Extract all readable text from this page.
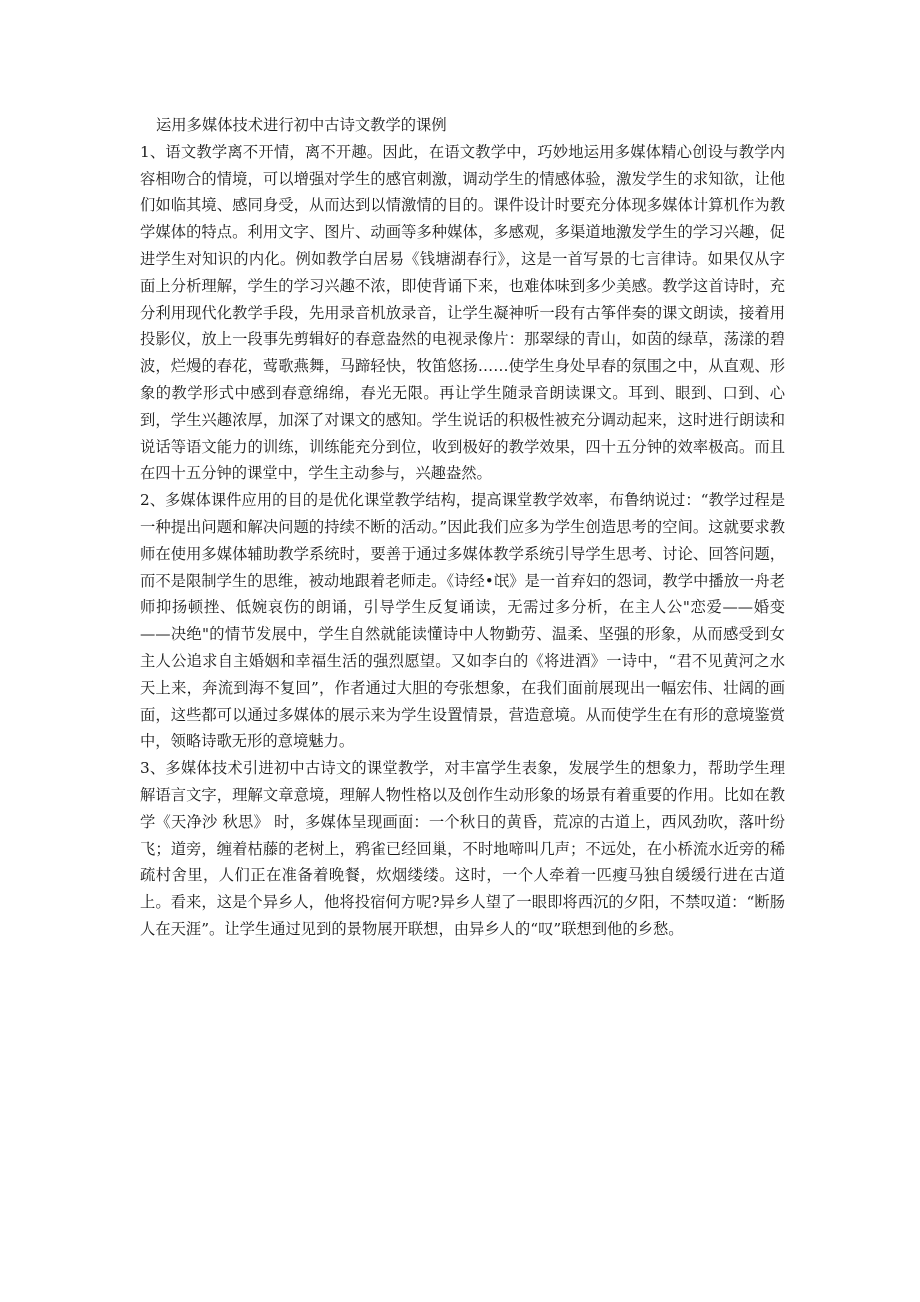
运用多媒体技术进行初中古诗文教学的课例

1、语文教学离不开情，离不开趣。因此，在语文教学中，巧妙地运用多媒体精心创设与教学内容相吻合的情境，可以增强对学生的感官刺激，调动学生的情感体验，激发学生的求知欲，让他们如临其境、感同身受，从而达到以情激情的目的。课件设计时要充分体现多媒体计算机作为教学媒体的特点。利用文字、图片、动画等多种媒体，多感观，多渠道地激发学生的学习兴趣，促进学生对知识的内化。例如教学白居易《钱塘湖春行》，这是一首写景的七言律诗。如果仅从字面上分析理解，学生的学习兴趣不浓，即使背诵下来，也难体味到多少美感。教学这首诗时，充分利用现代化教学手段，先用录音机放录音，让学生凝神听一段有古筝伴奏的课文朗读，接着用投影仪，放上一段事先剪辑好的春意盎然的电视录像片：那翠绿的青山，如茵的绿草，荡漾的碧波，烂熳的春花，莺歌燕舞，马蹄轻快，牧笛悠扬……使学生身处早春的氛围之中，从直观、形象的教学形式中感到春意绵绵，春光无限。再让学生随录音朗读课文。耳到、眼到、口到、心到，学生兴趣浓厚，加深了对课文的感知。学生说话的积极性被充分调动起来，这时进行朗读和说话等语文能力的训练，训练能充分到位，收到极好的教学效果，四十五分钟的效率极高。而且在四十五分钟的课堂中，学生主动参与，兴趣盎然。

2、多媒体课件应用的目的是优化课堂教学结构，提高课堂教学效率，布鲁纳说过：“教学过程是一种提出问题和解决问题的持续不断的活动。”因此我们应多为学生创造思考的空间。这就要求教师在使用多媒体辅助教学系统时，要善于通过多媒体教学系统引导学生思考、讨论、回答问题，而不是限制学生的思维，被动地跟着老师走。《诗经•氓》是一首弃妇的怨词，教学中播放一舟老师抑扬顿挫、低婉哀伤的朗诵，引导学生反复诵读，无需过多分析，在主人公"恋爱——婚变——决绝"的情节发展中，学生自然就能读懂诗中人物勤劳、温柔、坚强的形象，从而感受到女主人公追求自主婚姻和幸福生活的强烈愿望。又如李白的《将进酒》一诗中，“君不见黄河之水天上来，奔流到海不复回”，作者通过大胆的夸张想象，在我们面前展现出一幅宏伟、壮阔的画面，这些都可以通过多媒体的展示来为学生设置情景，营造意境。从而使学生在有形的意境鉴赏中，领略诗歌无形的意境魅力。

3、多媒体技术引进初中古诗文的课堂教学，对丰富学生表象，发展学生的想象力，帮助学生理解语言文字，理解文章意境，理解人物性格以及创作生动形象的场景有着重要的作用。比如在教学《天净沙 秋思》 时，多媒体呈现画面：一个秋日的黄昏，荒凉的古道上，西风劲吹，落叶纷飞；道旁，缠着枯藤的老树上，鸦雀已经回巢，不时地啼叫几声；不远处，在小桥流水近旁的稀疏村舍里，人们正在准备着晚餐，炊烟缕缕。这时，一个人牵着一匹瘦马独自缓缓行进在古道上。看来，这是个异乡人，他将投宿何方呢?异乡人望了一眼即将西沉的夕阳，不禁叹道：“断肠人在天涯”。让学生通过见到的景物展开联想，由异乡人的“叹”联想到他的乡愁。
